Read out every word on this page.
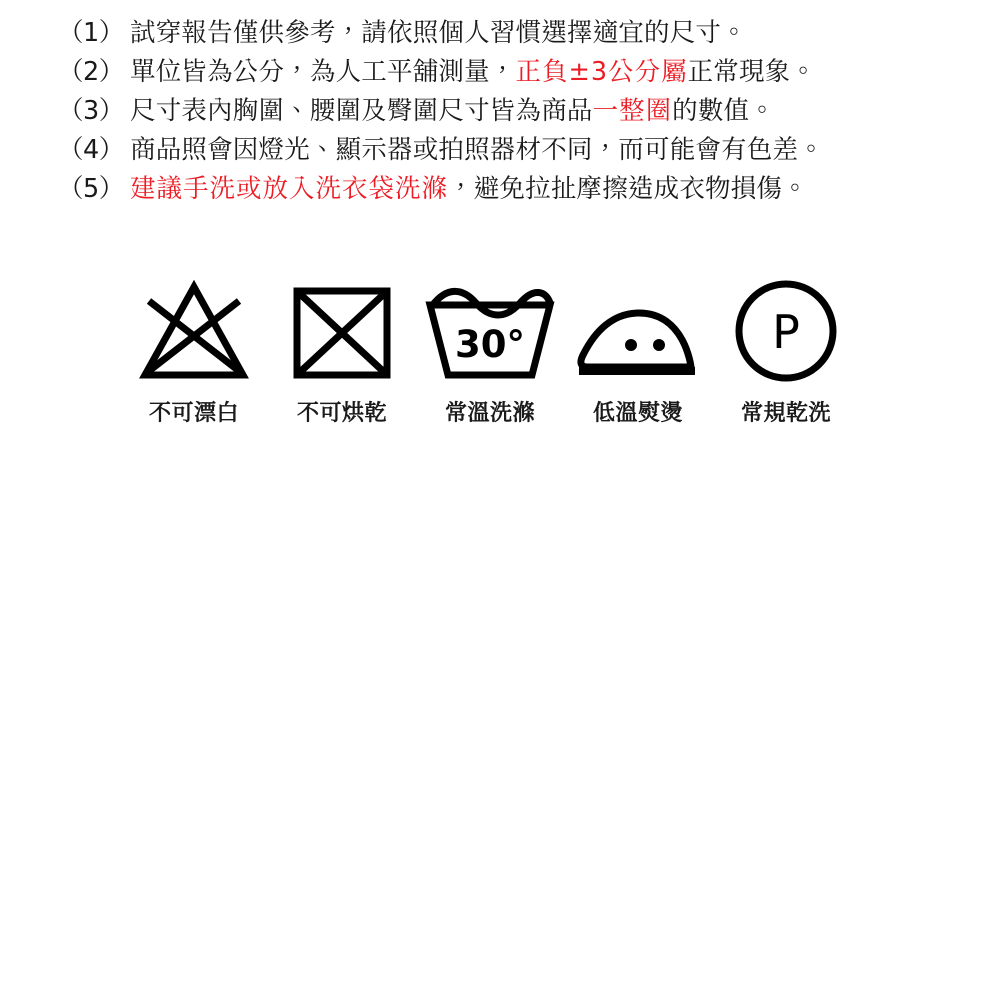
（1） 試穿報告僅供參考，請依照個人習慣選擇適宜的尺寸。
（2） 單位皆為公分，為人工平舖測量，正負±3公分屬正常現象。
（3） 尺寸表內胸圍、腰圍及臀圍尺寸皆為商品一整圈的數值。
（4） 商品照會因燈光、顯示器或拍照器材不同，而可能會有色差。
（5） 建議手洗或放入洗衣袋洗滌，避免拉扯摩擦造成衣物損傷。
不可漂白	不可烘乾
30°
常溫洗滌	低溫熨燙
P
常規乾洗
